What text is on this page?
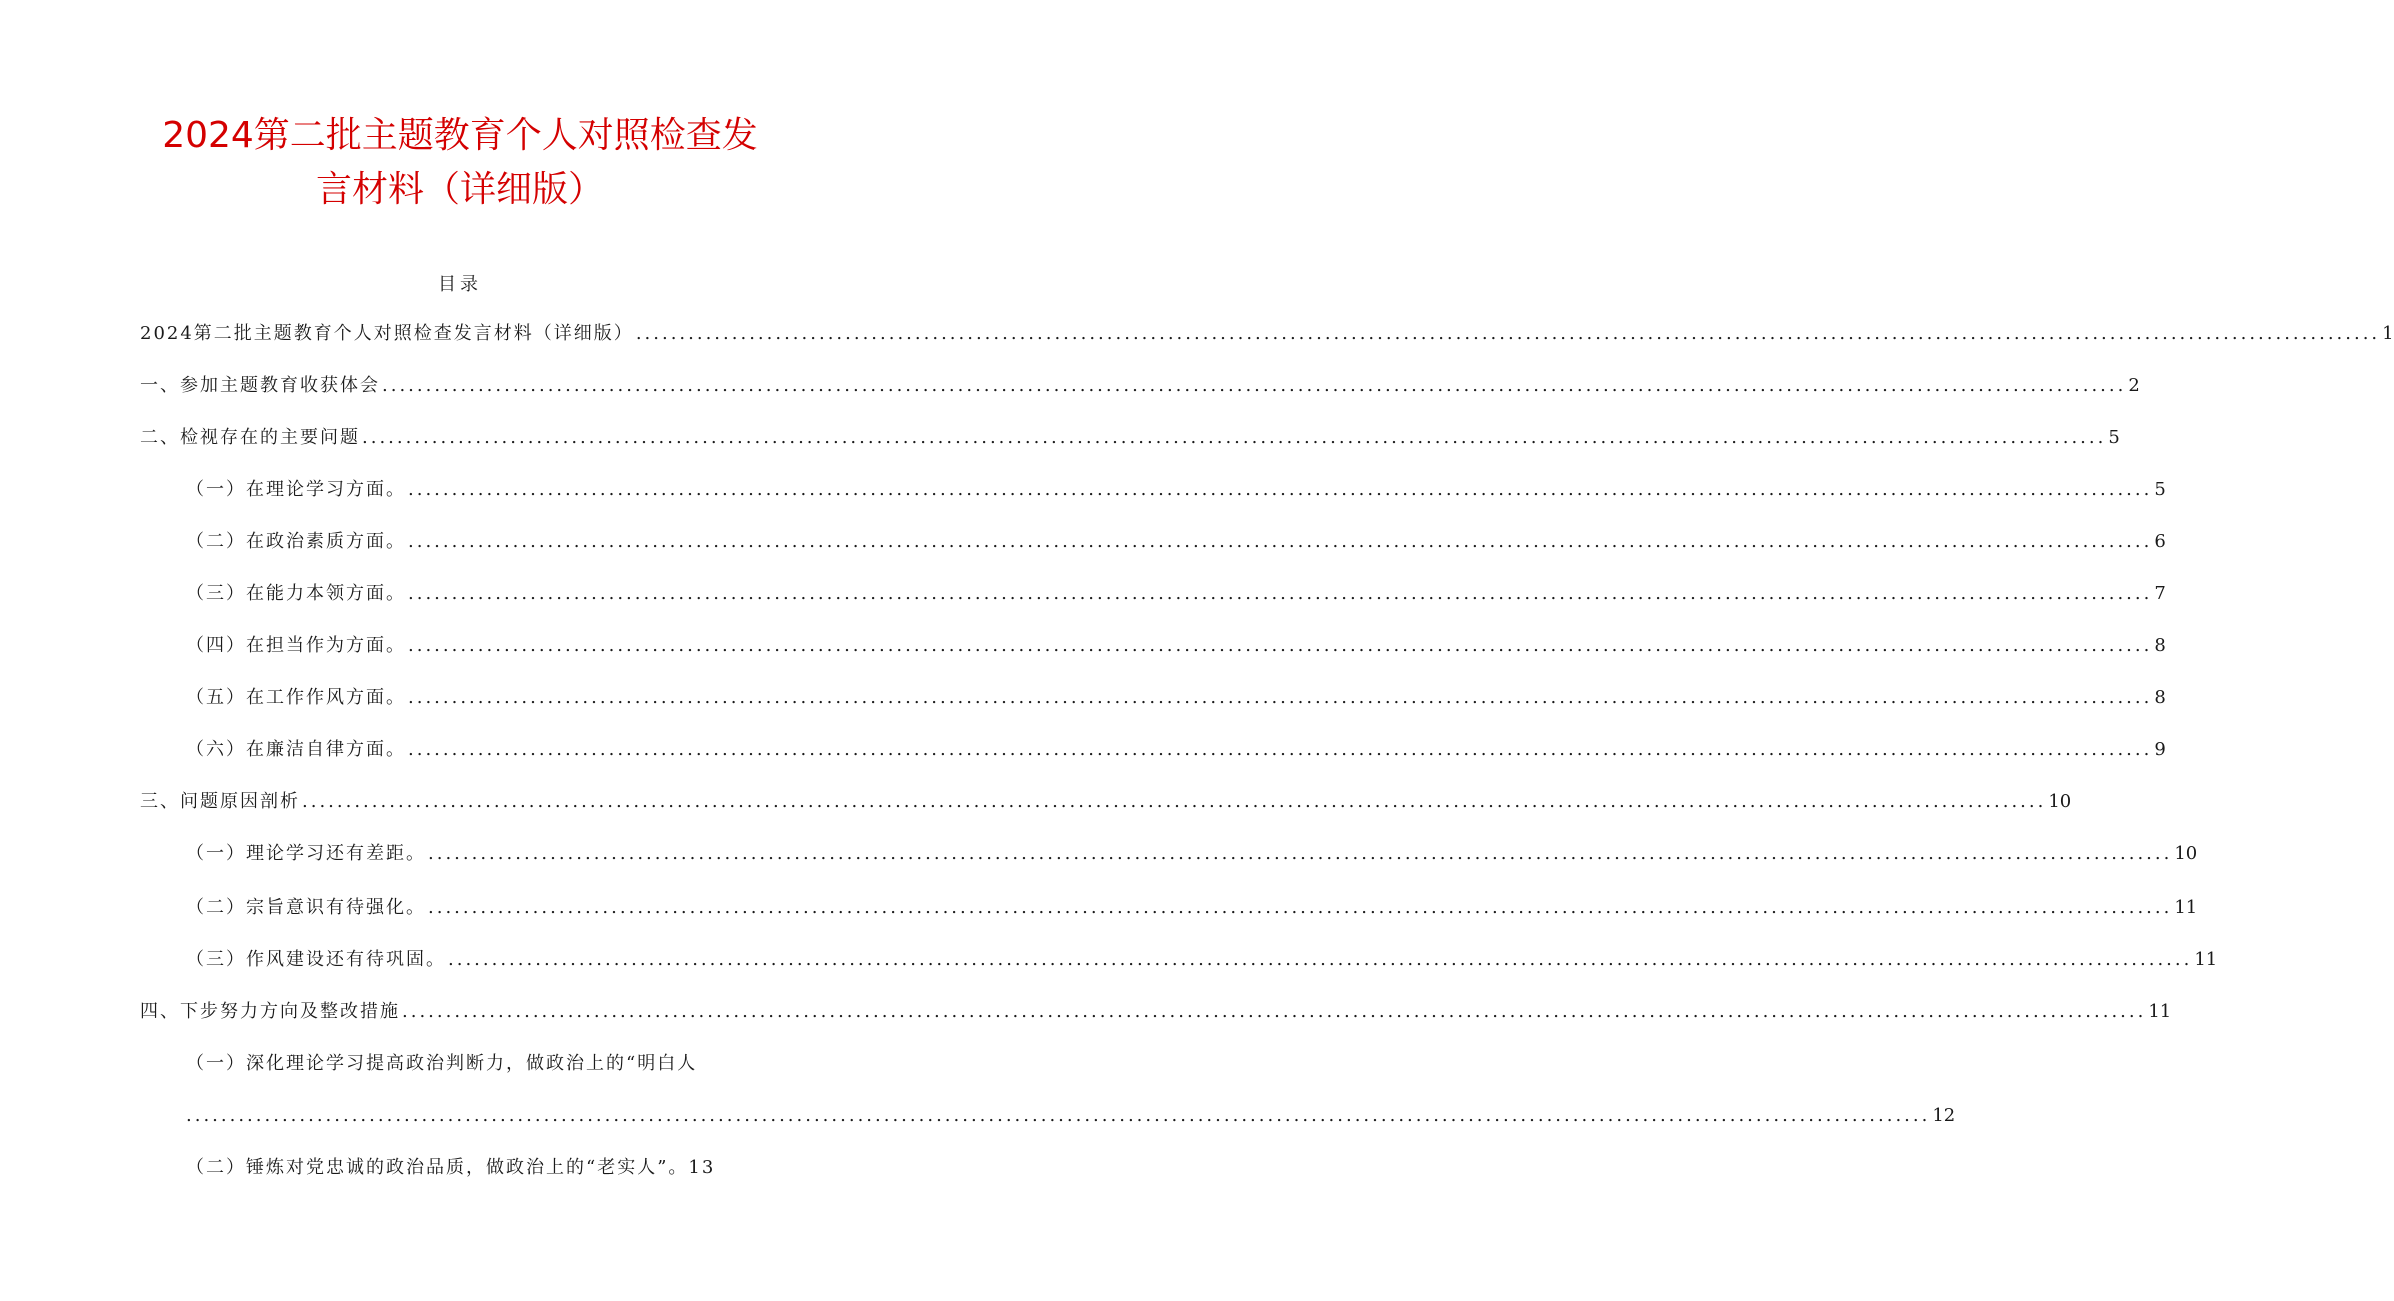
2024第二批主题教育个人对照检查发
言材料（详细版）
目录
2024第二批主题教育个人对照检查发言材料（详细版） ........................................................................................................................................................................................................ 1
一、参加主题教育收获体会 ........................................................................................................................................................................................................ 2
二、检视存在的主要问题 ........................................................................................................................................................................................................ 5
（一）在理论学习方面。 ........................................................................................................................................................................................................ 5
（二）在政治素质方面。 ........................................................................................................................................................................................................ 6
（三）在能力本领方面。 ........................................................................................................................................................................................................ 7
（四）在担当作为方面。 ........................................................................................................................................................................................................ 8
（五）在工作作风方面。 ........................................................................................................................................................................................................ 8
（六）在廉洁自律方面。 ........................................................................................................................................................................................................ 9
三、问题原因剖析 ........................................................................................................................................................................................................ 10
（一）理论学习还有差距。 ........................................................................................................................................................................................................ 10
（二）宗旨意识有待强化。 ........................................................................................................................................................................................................ 11
（三）作风建设还有待巩固。 ........................................................................................................................................................................................................ 11
四、下步努力方向及整改措施 ........................................................................................................................................................................................................ 11
（一）深化理论学习提高政治判断力，做政治上的“明白人
........................................................................................................................................................................................................ 12
（二）锤炼对党忠诚的政治品质，做政治上的“老实人”。13
